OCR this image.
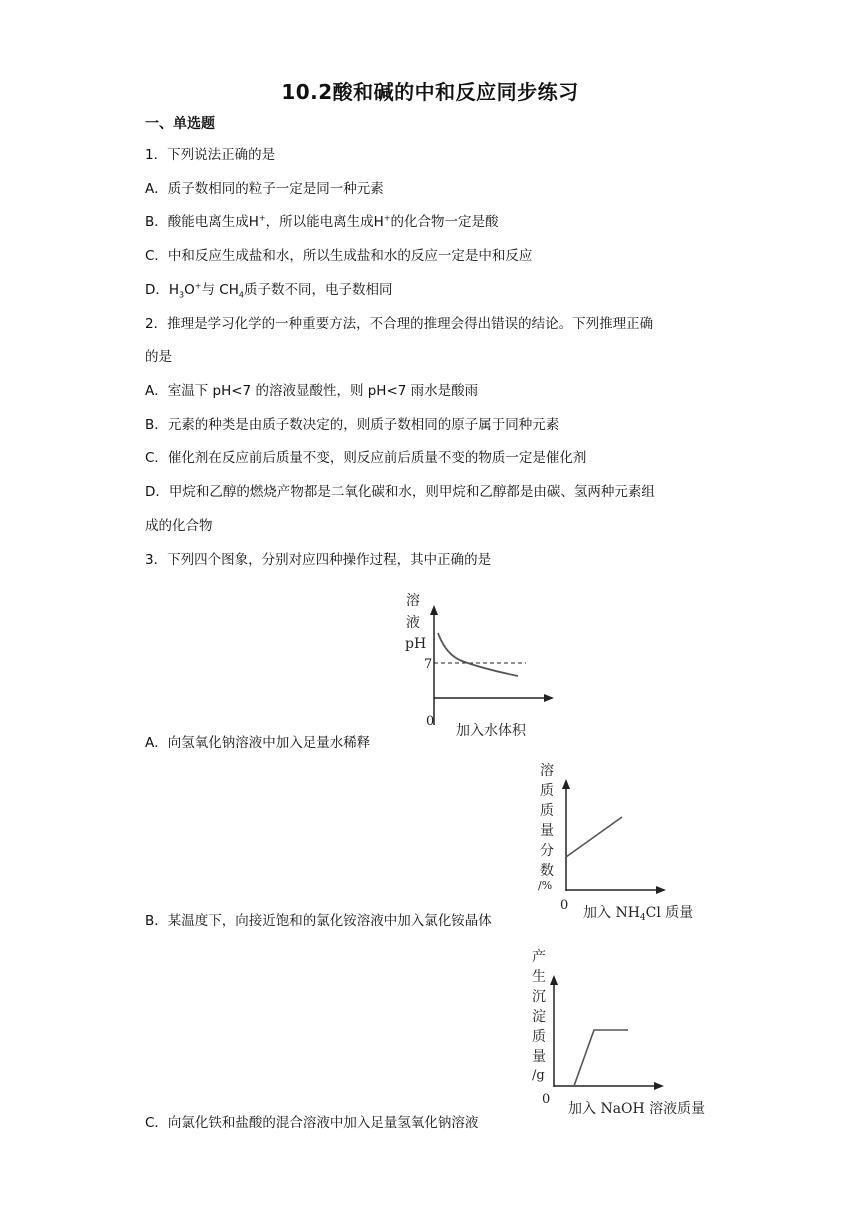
10.2酸和碱的中和反应同步练习
一、单选题
1．下列说法正确的是
A．质子数相同的粒子一定是同一种元素
B．酸能电离生成H+，所以能电离生成H+的化合物一定是酸
C．中和反应生成盐和水，所以生成盐和水的反应一定是中和反应
D．$H_3O^+$与 $CH_4$质子数不同，电子数相同
2．推理是学习化学的一种重要方法，不合理的推理会得出错误的结论。下列推理正确
的是
A．室温下 pH<7 的溶液显酸性，则 pH<7 雨水是酸雨
B．元素的种类是由质子数决定的，则质子数相同的原子属于同种元素
C．催化剂在反应前后质量不变，则反应前后质量不变的物质一定是催化剂
D．甲烷和乙醇的燃烧产物都是二氧化碳和水，则甲烷和乙醇都是由碳、氢两种元素组
成的化合物
3．下列四个图象，分别对应四种操作过程，其中正确的是
溶
液
pH
7
0
加入水体积
A．向氢氧化钠溶液中加入足量水稀释
溶
质
质
量
分
数
/%
0 加入 $NH_4Cl$ 质量
B．某温度下，向接近饱和的氯化铵溶液中加入氯化铵晶体
产
生
沉
淀
质
量
/g
0
加入 NaOH 溶液质量
C．向氯化铁和盐酸的混合溶液中加入足量氢氧化钠溶液
